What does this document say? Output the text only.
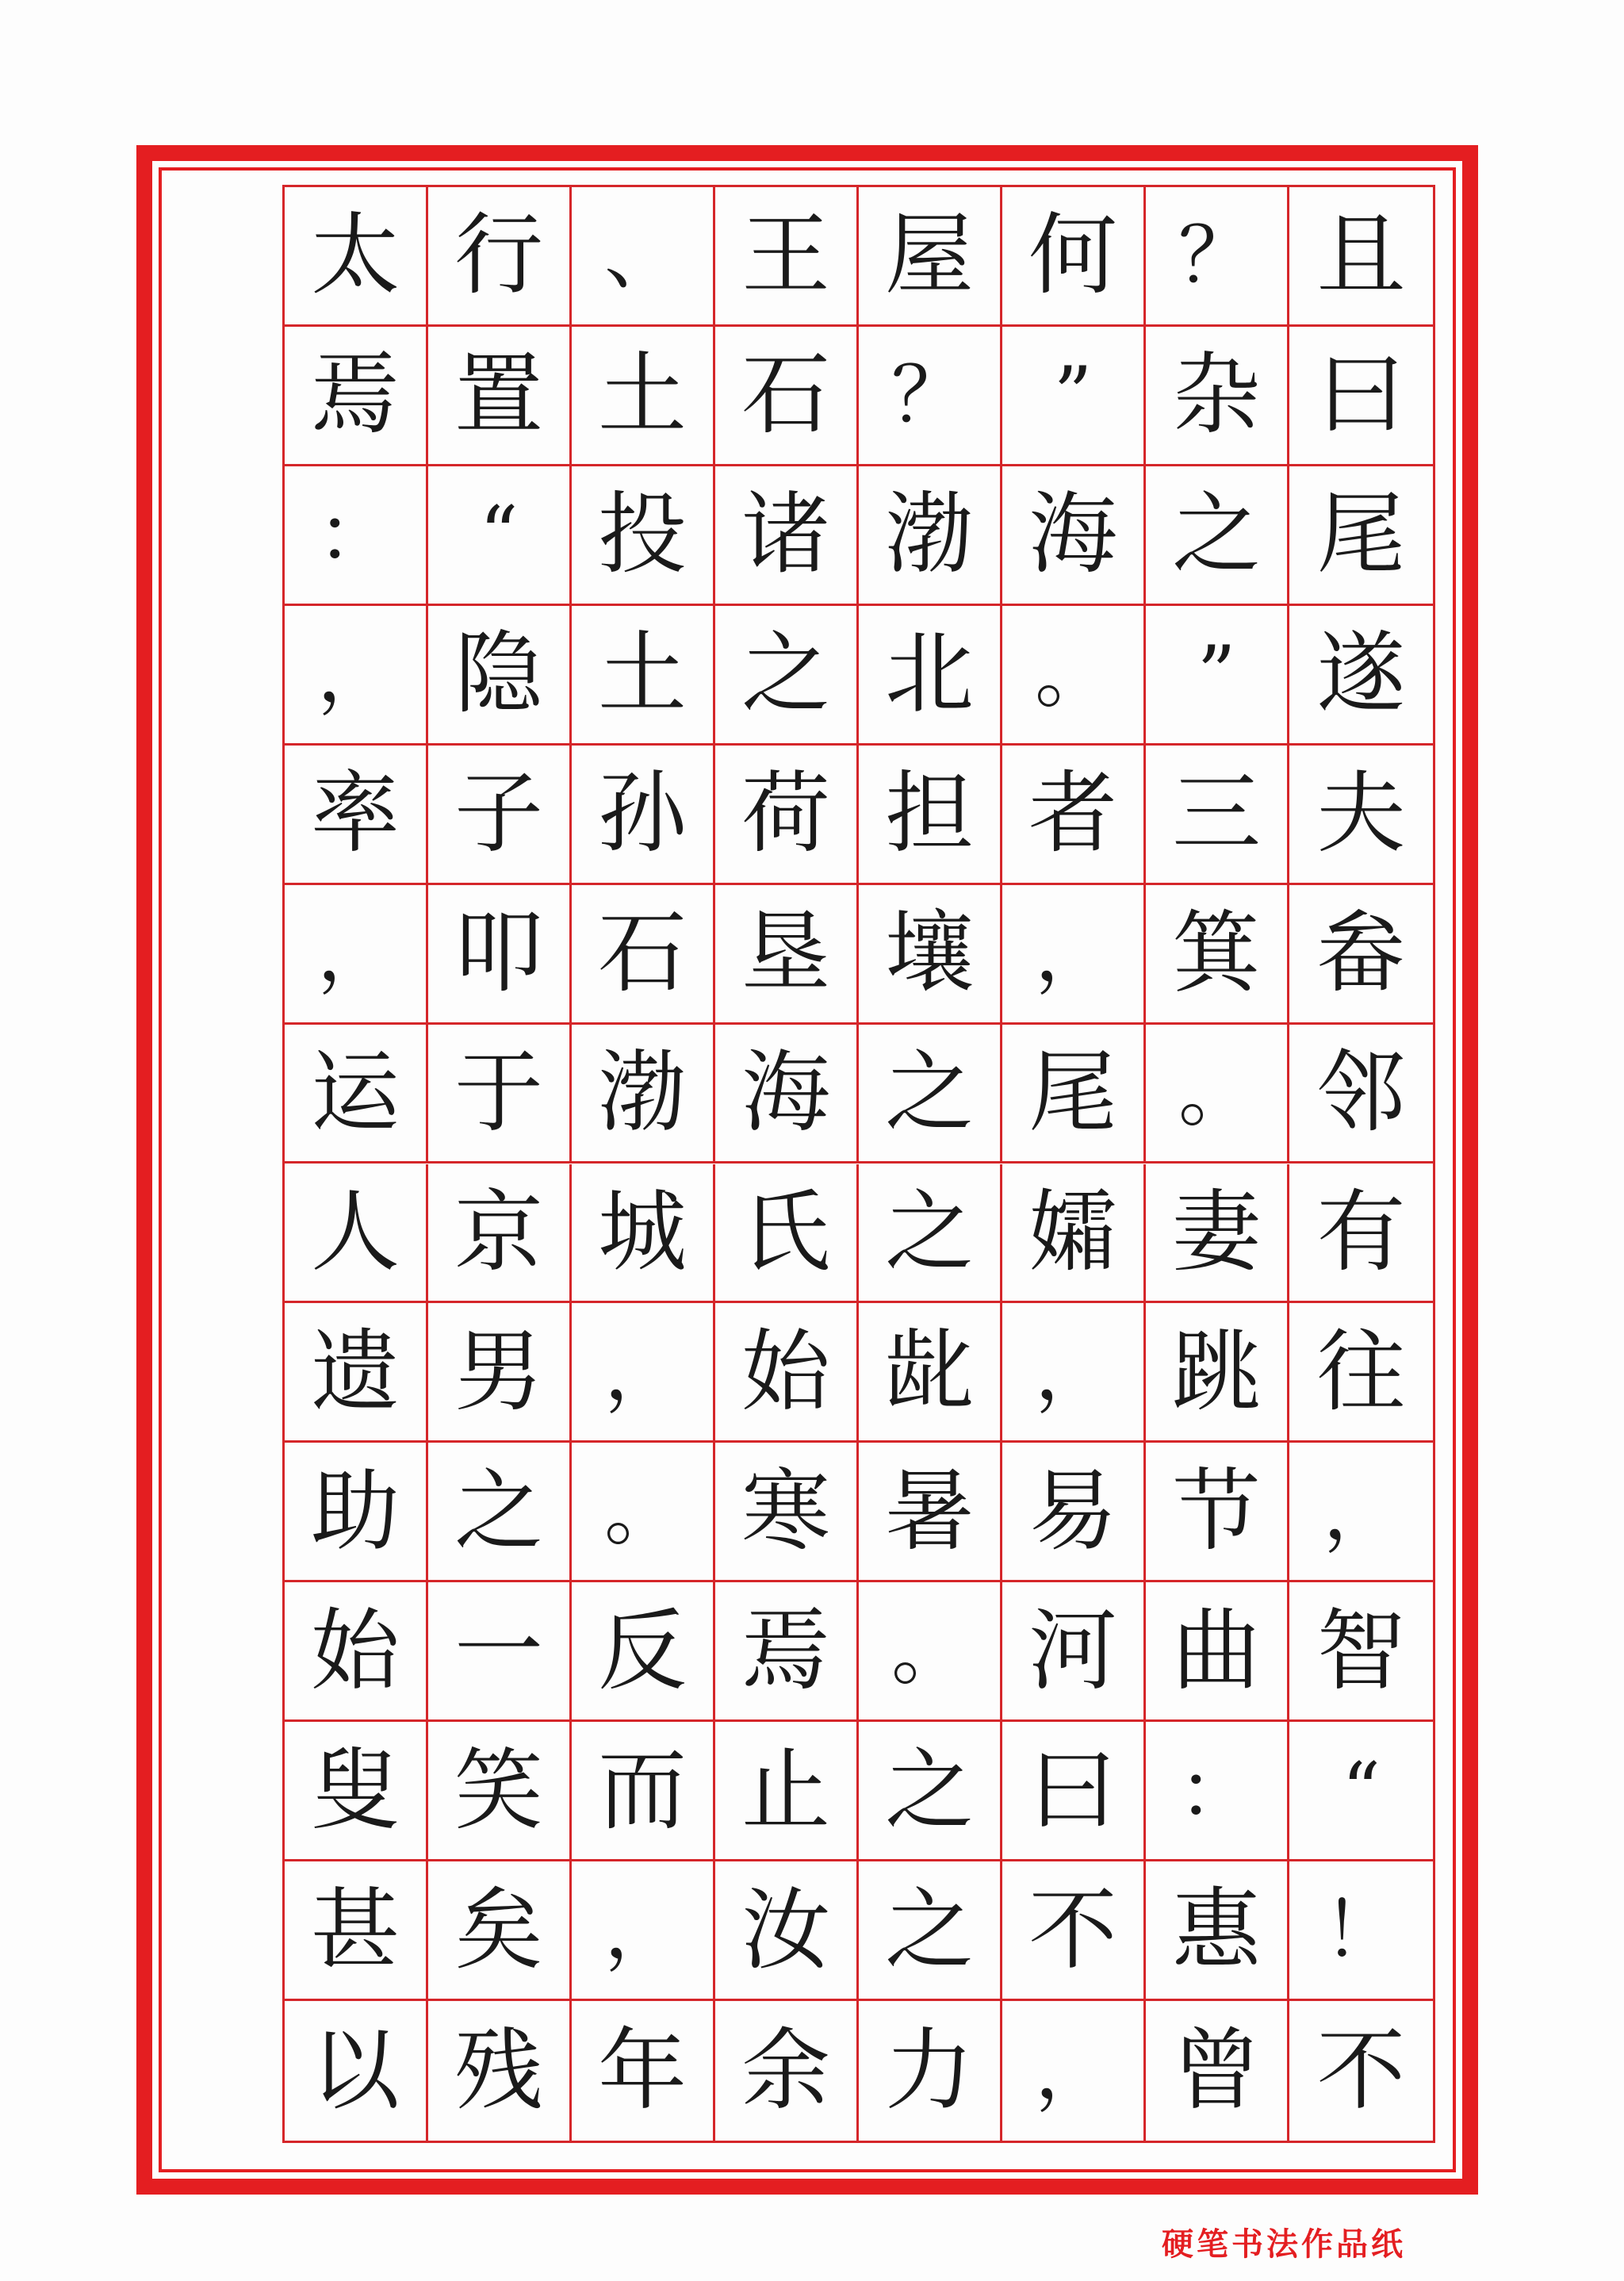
且
曰
尾
遂
夫
畚
邻
有
往
，
智
“
！
不
？
杂
之
”
三
箕
。
妻
跳
节
曲
：
惠
曾
何
”
海
。
者
，
尾
孀
，
易
河
曰
不
，
屋
？
渤
北
担
壤
之
之
龀
暑
。
之
之
力
王
石
诸
之
荷
垦
海
氏
始
寒
焉
止
汝
余
、
土
投
土
孙
石
渤
城
，
。
反
而
，
年
行
置
“
隐
子
叩
于
京
男
之
一
笑
矣
残
太
焉
：
，
率
，
运
人
遗
助
始
叟
甚
以
硬笔书法作品纸
